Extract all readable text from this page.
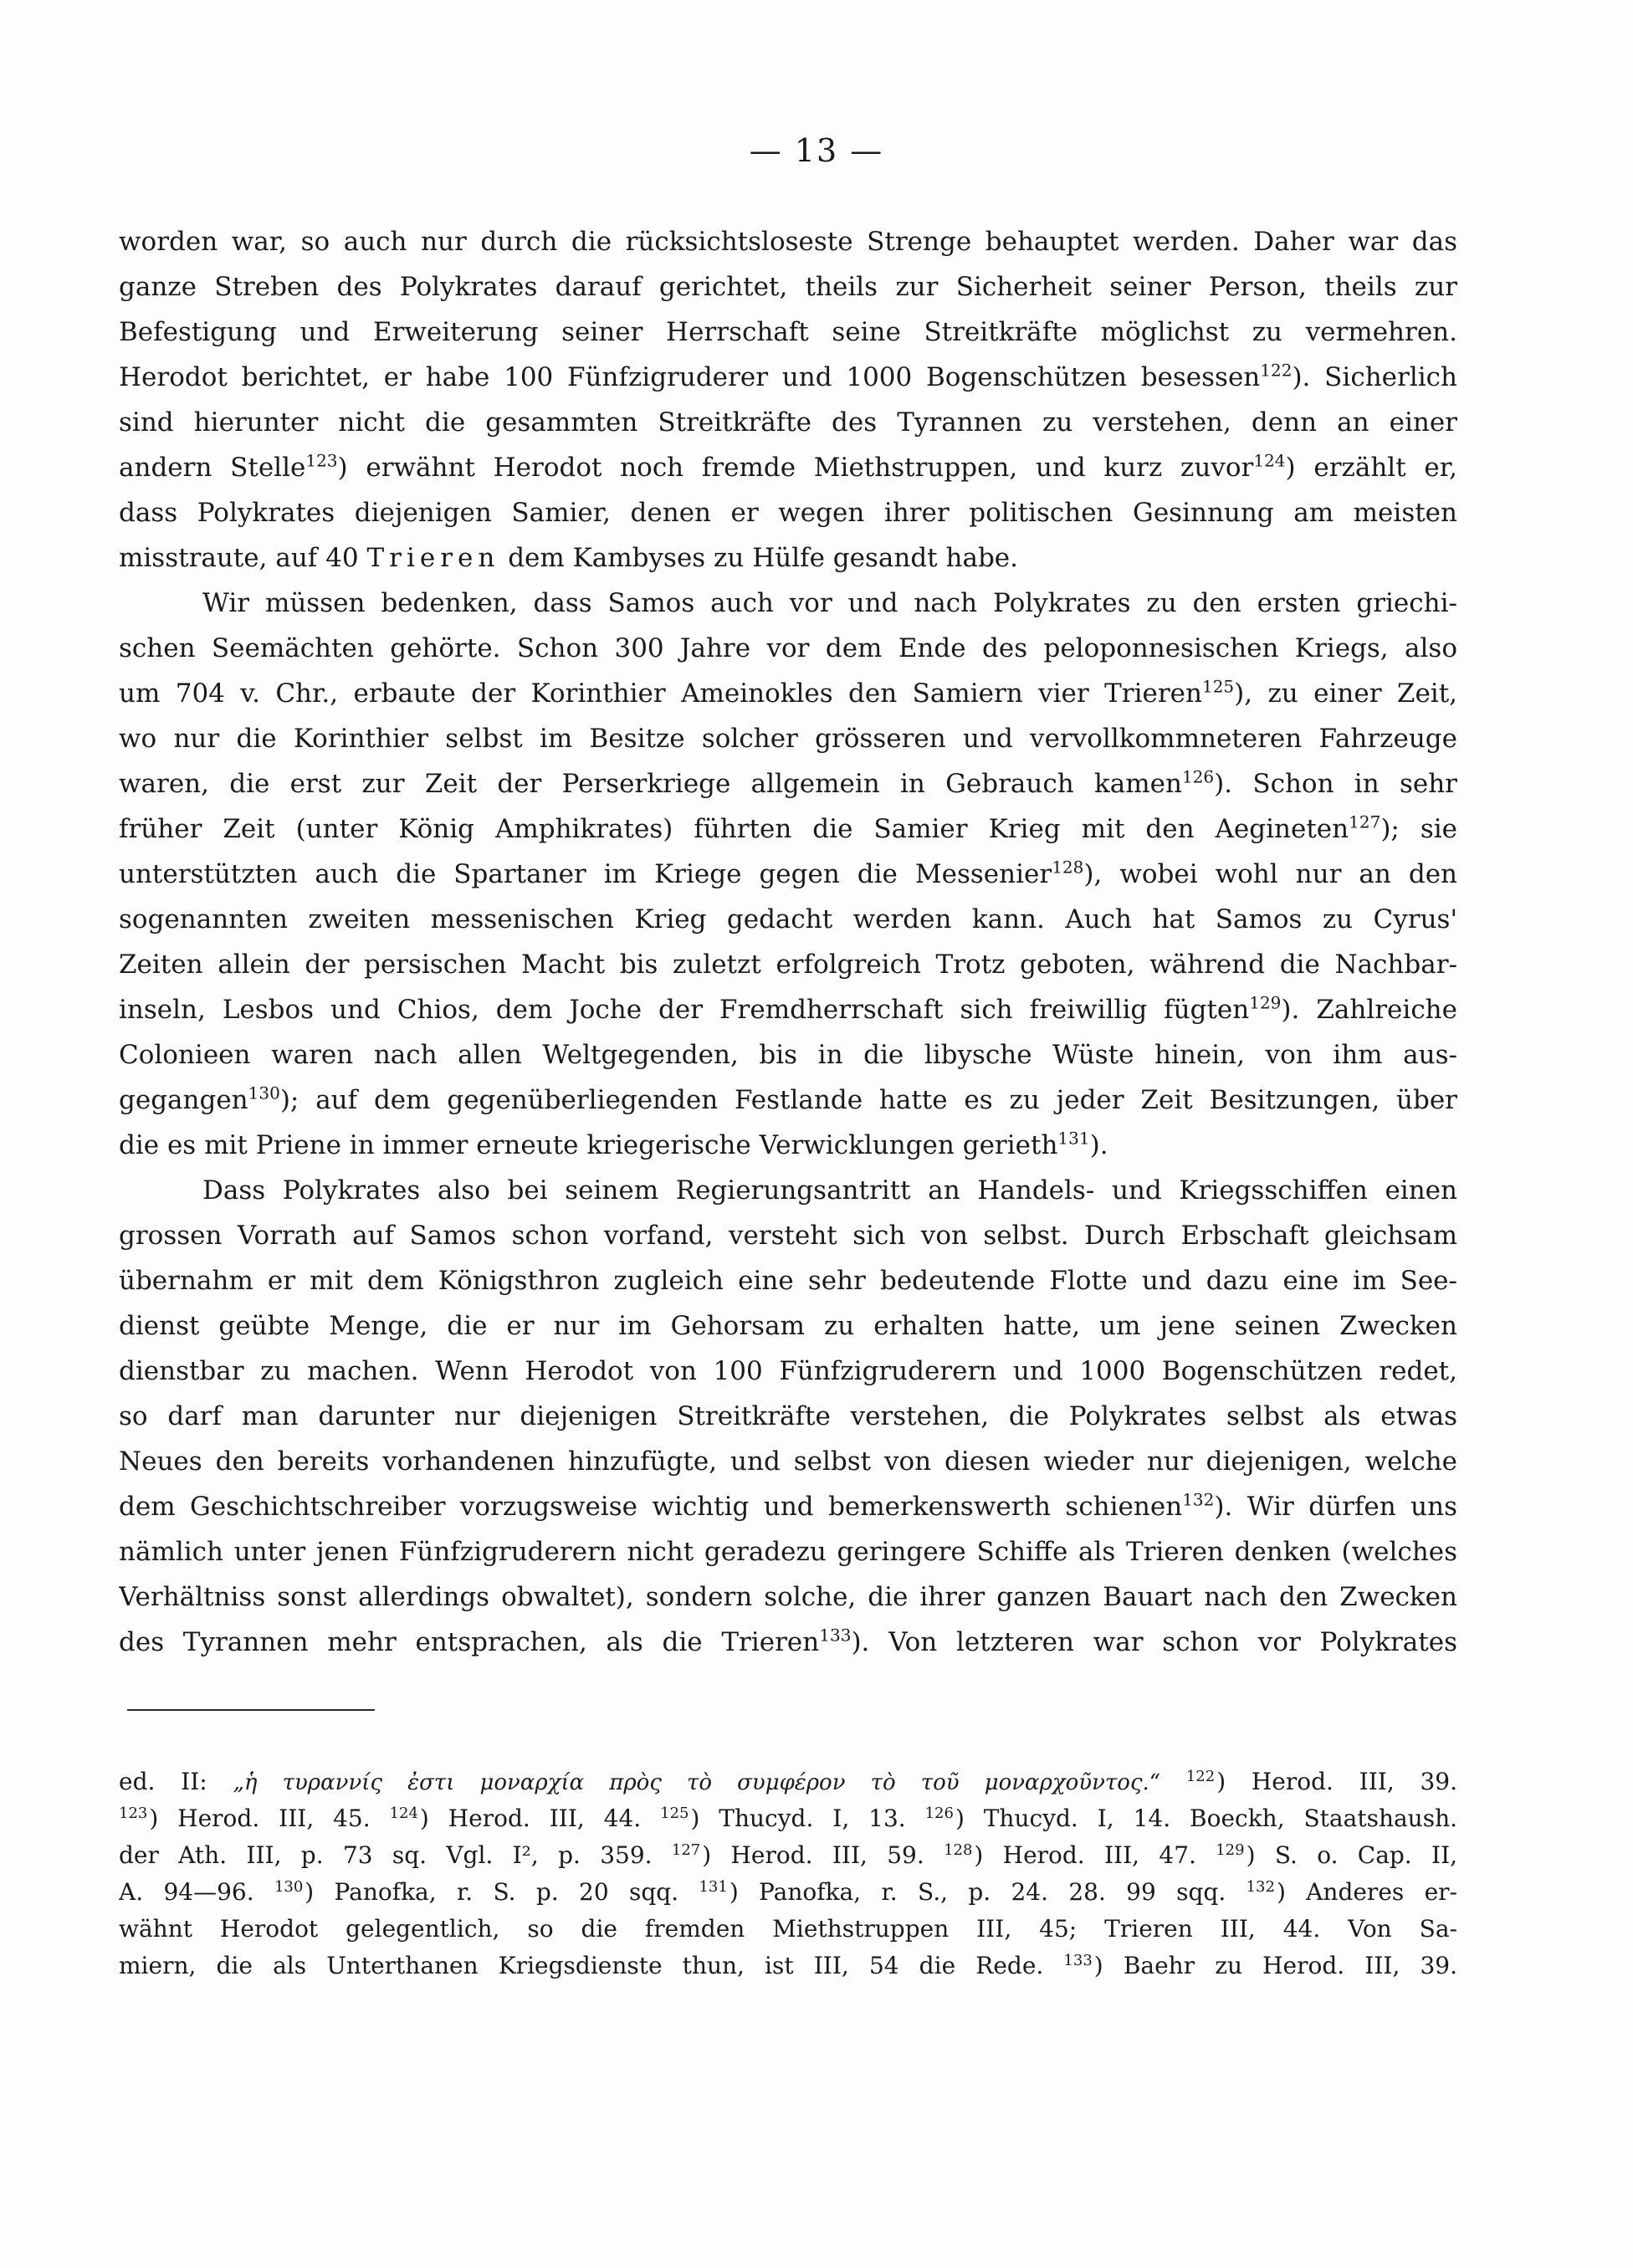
— 13 —
worden war, so auch nur durch die rücksichtsloseste Strenge behauptet werden. Daher war das
ganze Streben des Polykrates darauf gerichtet, theils zur Sicherheit seiner Person, theils zur
Befestigung und Erweiterung seiner Herrschaft seine Streitkräfte möglichst zu vermehren.
Herodot berichtet, er habe 100 Fünfzigruderer und 1000 Bogenschützen besessen$^{122}$). Sicherlich
sind hierunter nicht die gesammten Streitkräfte des Tyrannen zu verstehen, denn an einer
andern Stelle$^{123}$) erwähnt Herodot noch fremde Miethstruppen, und kurz zuvor$^{124}$) erzählt er,
dass Polykrates diejenigen Samier, denen er wegen ihrer politischen Gesinnung am meisten
misstraute, auf 40 Trieren dem Kambyses zu Hülfe gesandt habe.
Wir müssen bedenken, dass Samos auch vor und nach Polykrates zu den ersten griechi-
schen Seemächten gehörte. Schon 300 Jahre vor dem Ende des peloponnesischen Kriegs, also
um 704 v. Chr., erbaute der Korinthier Ameinokles den Samiern vier Trieren$^{125}$), zu einer Zeit,
wo nur die Korinthier selbst im Besitze solcher grösseren und vervollkommneteren Fahrzeuge
waren, die erst zur Zeit der Perserkriege allgemein in Gebrauch kamen$^{126}$). Schon in sehr
früher Zeit (unter König Amphikrates) führten die Samier Krieg mit den Aegineten$^{127}$); sie
unterstützten auch die Spartaner im Kriege gegen die Messenier$^{128}$), wobei wohl nur an den
sogenannten zweiten messenischen Krieg gedacht werden kann. Auch hat Samos zu Cyrus'
Zeiten allein der persischen Macht bis zuletzt erfolgreich Trotz geboten, während die Nachbar-
inseln, Lesbos und Chios, dem Joche der Fremdherrschaft sich freiwillig fügten$^{129}$). Zahlreiche
Colonieen waren nach allen Weltgegenden, bis in die libysche Wüste hinein, von ihm aus-
gegangen$^{130}$); auf dem gegenüberliegenden Festlande hatte es zu jeder Zeit Besitzungen, über
die es mit Priene in immer erneute kriegerische Verwicklungen gerieth$^{131}$).
Dass Polykrates also bei seinem Regierungsantritt an Handels- und Kriegsschiffen einen
grossen Vorrath auf Samos schon vorfand, versteht sich von selbst. Durch Erbschaft gleichsam
übernahm er mit dem Königsthron zugleich eine sehr bedeutende Flotte und dazu eine im See-
dienst geübte Menge, die er nur im Gehorsam zu erhalten hatte, um jene seinen Zwecken
dienstbar zu machen. Wenn Herodot von 100 Fünfzigruderern und 1000 Bogenschützen redet,
so darf man darunter nur diejenigen Streitkräfte verstehen, die Polykrates selbst als etwas
Neues den bereits vorhandenen hinzufügte, und selbst von diesen wieder nur diejenigen, welche
dem Geschichtschreiber vorzugsweise wichtig und bemerkenswerth schienen$^{132}$). Wir dürfen uns
nämlich unter jenen Fünfzigruderern nicht geradezu geringere Schiffe als Trieren denken (welches
Verhältniss sonst allerdings obwaltet), sondern solche, die ihrer ganzen Bauart nach den Zwecken
des Tyrannen mehr entsprachen, als die Trieren$^{133}$). Von letzteren war schon vor Polykrates
ed. II: „ἡ τυραννίς ἐστι μοναρχία πρὸς τὸ συμφέρον τὸ τοῦ μοναρχοῦντος.“ $^{122}$) Herod. III, 39.
$^{123}$) Herod. III, 45. $^{124}$) Herod. III, 44. $^{125}$) Thucyd. I, 13. $^{126}$) Thucyd. I, 14. Boeckh, Staatshaush.
der Ath. III, p. 73 sq. Vgl. I², p. 359. $^{127}$) Herod. III, 59. $^{128}$) Herod. III, 47. $^{129}$) S. o. Cap. II,
A. 94—96. $^{130}$) Panofka, r. S. p. 20 sqq. $^{131}$) Panofka, r. S., p. 24. 28. 99 sqq. $^{132}$) Anderes er-
wähnt Herodot gelegentlich, so die fremden Miethstruppen III, 45; Trieren III, 44. Von Sa-
miern, die als Unterthanen Kriegsdienste thun, ist III, 54 die Rede. $^{133}$) Baehr zu Herod. III, 39.
